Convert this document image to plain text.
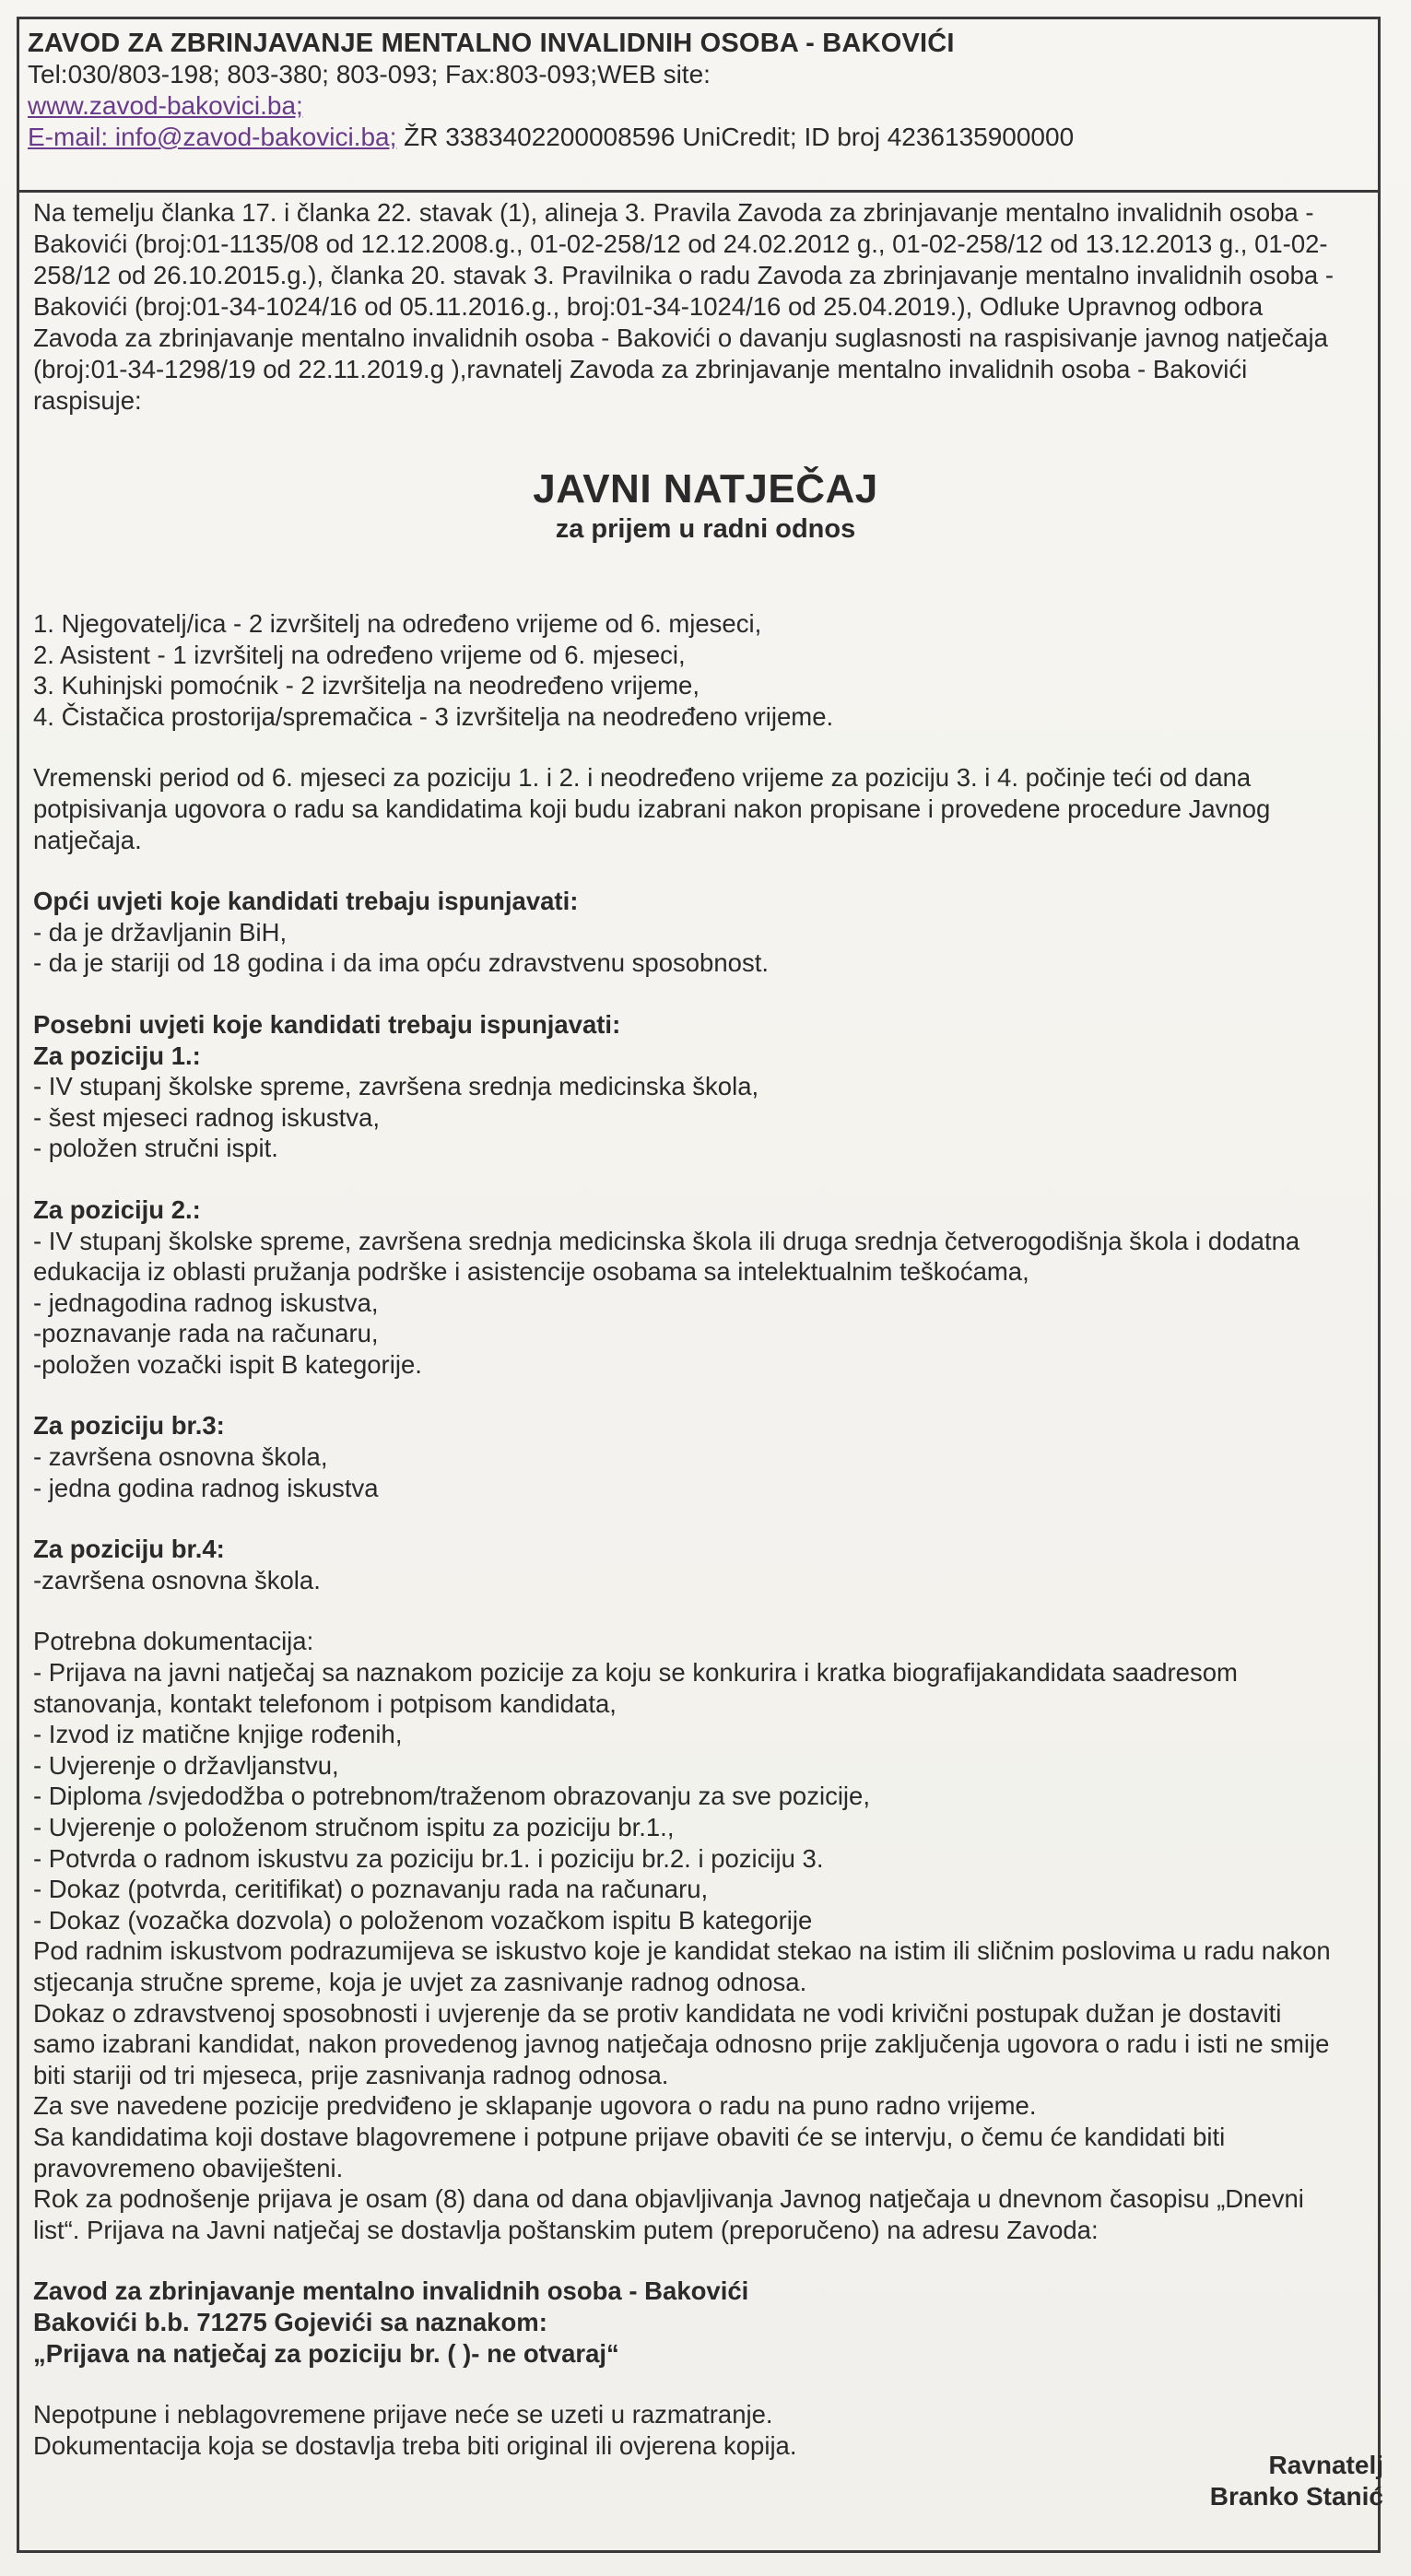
ZAVOD ZA ZBRINJAVANJE MENTALNO INVALIDNIH OSOBA - BAKOVIĆI
Tel:030/803-198; 803-380; 803-093; Fax:803-093;WEB site:
www.zavod-bakovici.ba;
E-mail: info@zavod-bakovici.ba; ŽR 3383402200008596 UniCredit; ID broj 4236135900000
Na temelju članka 17. i članka 22. stavak (1), alineja 3. Pravila Zavoda za zbrinjavanje mentalno invalidnih osoba - Bakovići (broj:01-1135/08 od 12.12.2008.g., 01-02-258/12 od 24.02.2012 g., 01-02-258/12 od 13.12.2013 g., 01-02-258/12 od 26.10.2015.g.), članka 20. stavak 3. Pravilnika o radu Zavoda za zbrinjavanje mentalno invalidnih osoba - Bakovići (broj:01-34-1024/16 od 05.11.2016.g., broj:01-34-1024/16 od 25.04.2019.), Odluke Upravnog odbora Zavoda za zbrinjavanje mentalno invalidnih osoba - Bakovići o davanju suglasnosti na raspisivanje javnog natječaja (broj:01-34-1298/19 od 22.11.2019.g ),ravnatelj Zavoda za zbrinjavanje mentalno invalidnih osoba - Bakovići raspisuje:
JAVNI NATJEČAJ
za prijem u radni odnos

1. Njegovatelj/ica - 2 izvršitelj na određeno vrijeme od 6. mjeseci,

2. Asistent - 1 izvršitelj na određeno vrijeme od 6. mjeseci,

3. Kuhinjski pomoćnik - 2 izvršitelja na neodređeno vrijeme,

4. Čistačica prostorija/spremačica - 3 izvršitelja na neodređeno vrijeme.

Vremenski period od 6. mjeseci za poziciju 1. i 2. i neodređeno vrijeme za poziciju 3. i 4. počinje teći od dana potpisivanja ugovora o radu sa kandidatima koji budu izabrani nakon propisane i provedene procedure Javnog natječaja.

Opći uvjeti koje kandidati trebaju ispunjavati:

- da je državljanin BiH,

- da je stariji od 18 godina i da ima opću zdravstvenu sposobnost.

Posebni uvjeti koje kandidati trebaju ispunjavati:

Za poziciju 1.:

- IV stupanj školske spreme, završena srednja medicinska škola,

- šest mjeseci radnog iskustva,

- položen stručni ispit.

Za poziciju 2.:

- IV stupanj školske spreme, završena srednja medicinska škola ili druga srednja četverogodišnja škola i dodatna edukacija iz oblasti pružanja podrške i asistencije osobama sa intelektualnim teškoćama,

- jednagodina radnog iskustva,

-poznavanje rada na računaru,

-položen vozački ispit B kategorije.

Za poziciju br.3:

- završena osnovna škola,

- jedna godina radnog iskustva

Za poziciju br.4:

-završena osnovna škola.

Potrebna dokumentacija:

- Prijava na javni natječaj sa naznakom pozicije za koju se konkurira i kratka biografijakandidata saadresom stanovanja, kontakt telefonom i potpisom kandidata,

- Izvod iz matične knjige rođenih,

- Uvjerenje o državljanstvu,

- Diploma /svjedodžba o potrebnom/traženom obrazovanju za sve pozicije,

- Uvjerenje o položenom stručnom ispitu za poziciju br.1.,

- Potvrda o radnom iskustvu za poziciju br.1. i poziciju br.2. i poziciju 3.

- Dokaz (potvrda, ceritifikat) o poznavanju rada na računaru,

- Dokaz (vozačka dozvola) o položenom vozačkom ispitu B kategorije

Pod radnim iskustvom podrazumijeva se iskustvo koje je kandidat stekao na istim ili sličnim poslovima u radu nakon stjecanja stručne spreme, koja je uvjet za zasnivanje radnog odnosa.

Dokaz o zdravstvenoj sposobnosti i uvjerenje da se protiv kandidata ne vodi krivični postupak dužan je dostaviti samo izabrani kandidat, nakon provedenog javnog natječaja odnosno prije zaključenja ugovora o radu i isti ne smije biti stariji od tri mjeseca, prije zasnivanja radnog odnosa.

Za sve navedene pozicije predviđeno je sklapanje ugovora o radu na puno radno vrijeme.

Sa kandidatima koji dostave blagovremene i potpune prijave obaviti će se intervju, o čemu će kandidati biti pravovremeno obaviješteni.

Rok za podnošenje prijava je osam (8) dana od dana objavljivanja Javnog natječaja u dnevnom časopisu „Dnevni list“. Prijava na Javni natječaj se dostavlja poštanskim putem (preporučeno) na adresu Zavoda:

Zavod za zbrinjavanje mentalno invalidnih osoba - Bakovići

Bakovići b.b. 71275 Gojevići sa naznakom:

„Prijava na natječaj za poziciju br. ( )- ne otvaraj“

Nepotpune i neblagovremene prijave neće se uzeti u razmatranje.

Dokumentacija koja se dostavlja treba biti original ili ovjerena kopija.

Ravnatelj
Branko Stanić
